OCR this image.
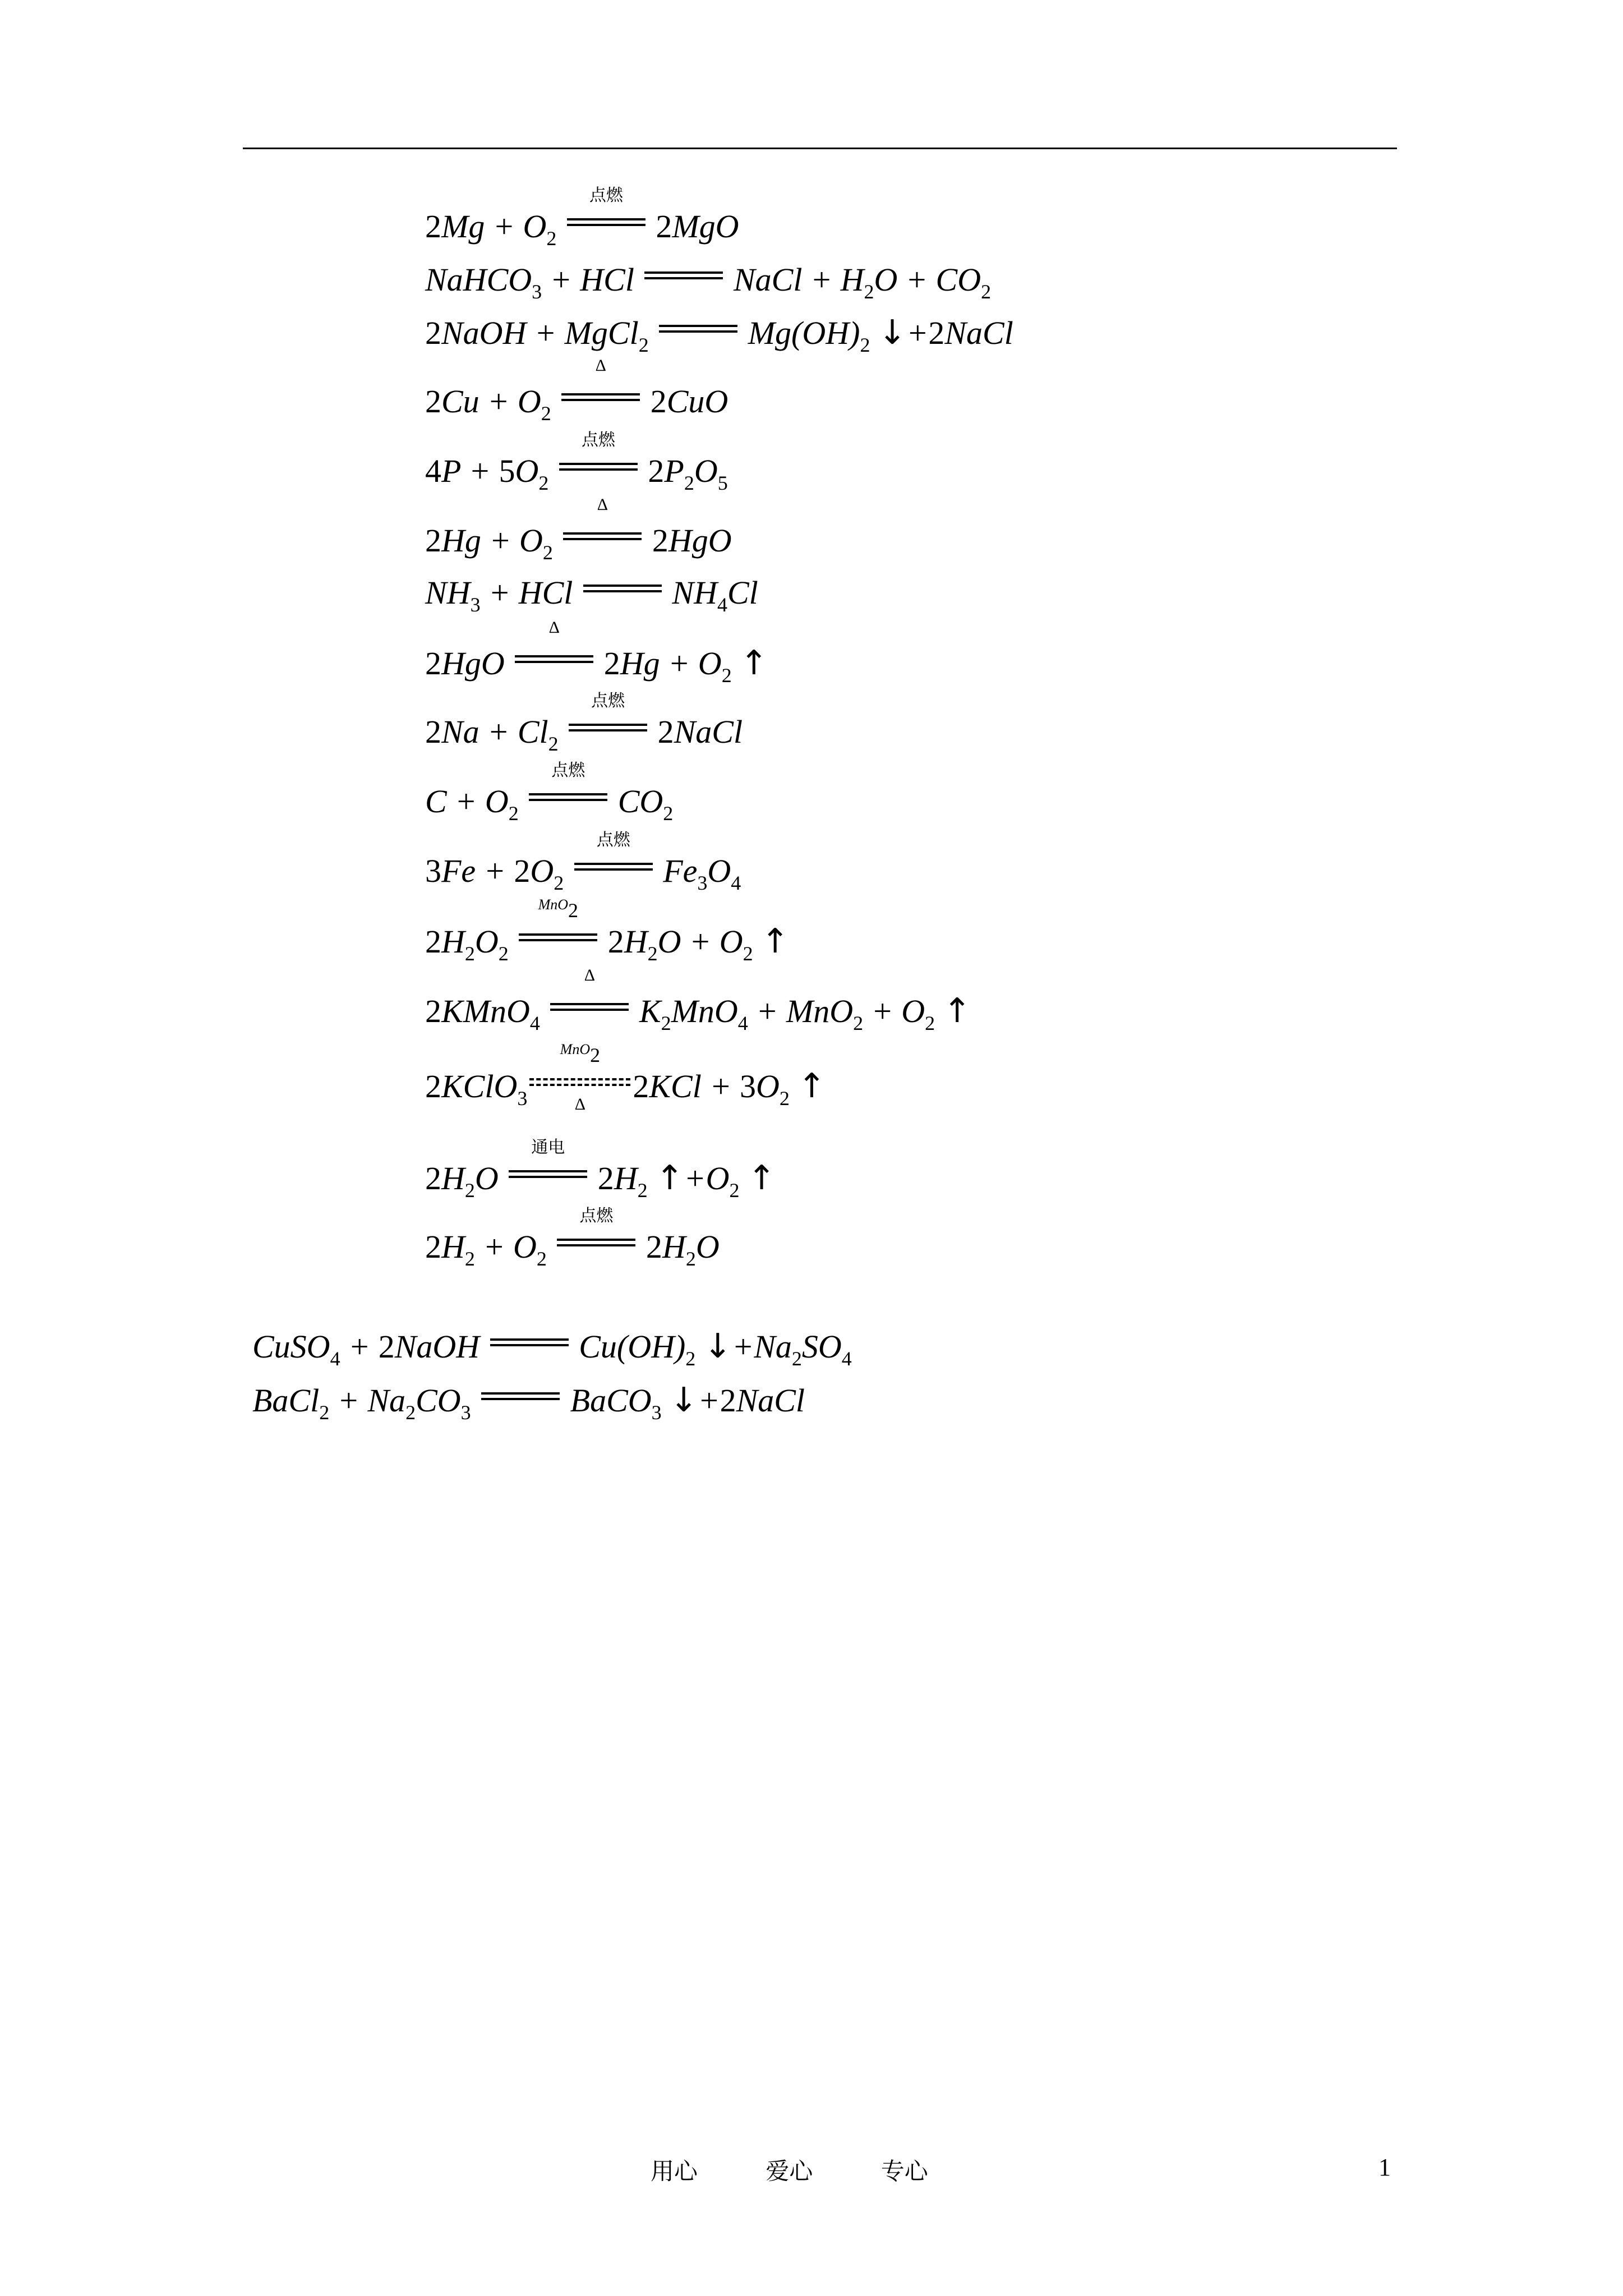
$2Mg + O_2$
点燃
2MgO
NaHCO$_3$ + HCl	NaCl + $H_2O + CO_2$
2NaOH + MgCl$_2$	$Mg(OH)_2$ ↓+2NaCl
$2Cu + O_2$
Δ
2CuO
$4P + 5O_2$
点燃
$2P_2O_5$
$2Hg + O_2$
Δ
2HgO
$NH_3$ + HCl	$NH_4Cl$
2HgO
Δ
$2Hg + O_2$ ↑
$2Na + Cl_2$
点燃
2NaCl
$C + O_2$
点燃
$CO_2$
$3Fe + 2O_2$
点燃
$Fe_3O_4$
$2H_2O_2$
MnO$_2$
$2H_2O + O_2$ ↑
2KMnO$_4$
Δ
$K_2MnO_4 + MnO_2 + O_2$ ↑
2KClO$_3$
MnO$_2$
Δ	$2KCl + 3O_2$ ↑
$2H_2O$
通电
$2H_2$ $↑+O_2$ ↑
$2H_2 + O_2$
点燃
$2H_2O$
CuSO$_4$ + 2NaOH	$Cu(OH)_2$ $↓+Na_2SO_4$
BaCl$_2$ + $Na_2CO_3$	BaCO$_3$ ↓+2NaCl
用心	爱心	专心	1
